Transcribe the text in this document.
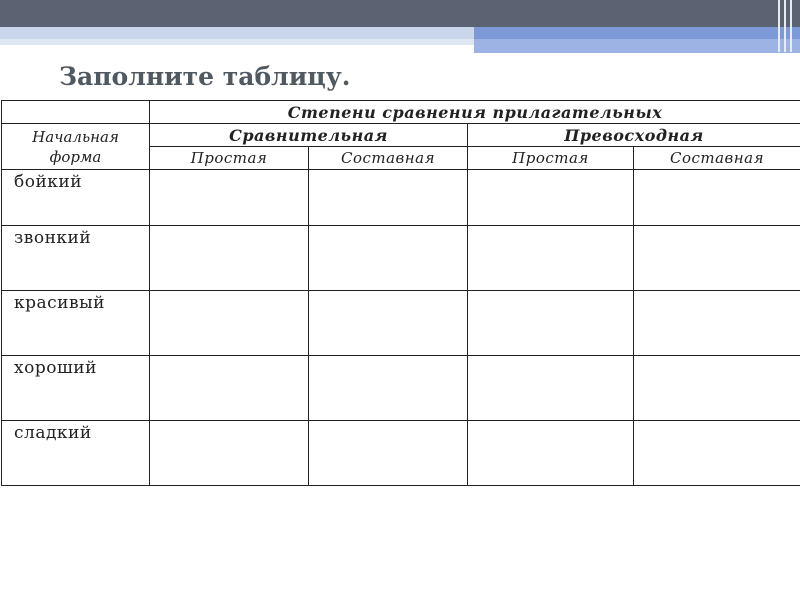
Заполните таблицу.
	Степени сравнения прилагательных			
Начальная
форма	Сравнительная		Превосходная	
	Простая	Составная	Простая	Составная
бойкий				
звонкий				
красивый				
хороший				
сладкий				
